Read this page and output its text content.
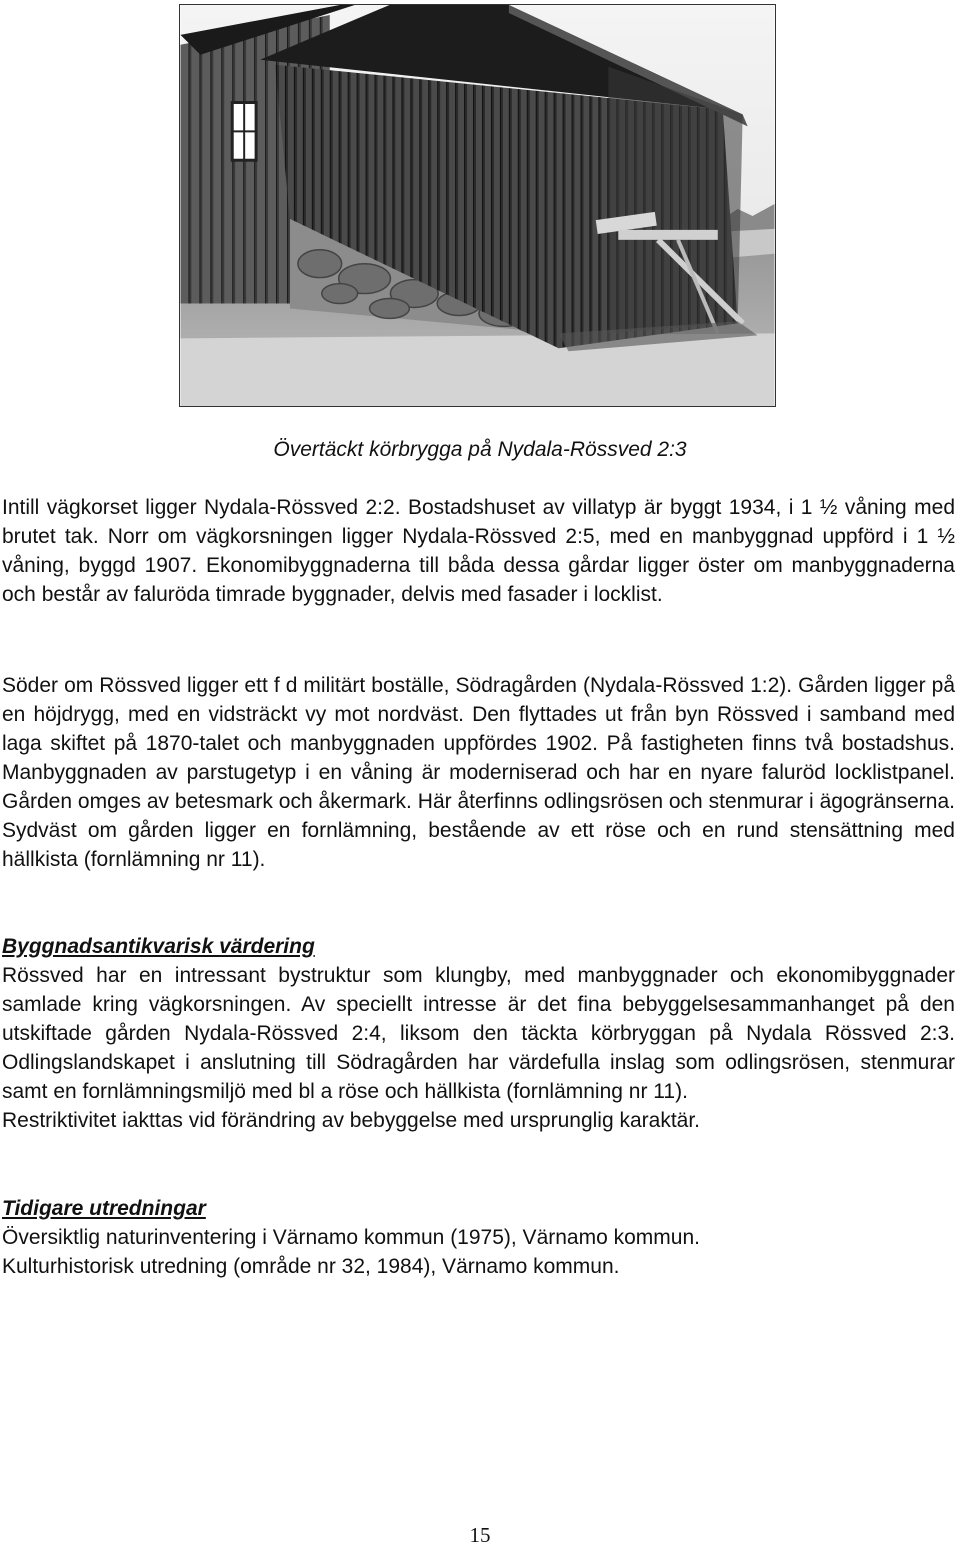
Övertäckt körbrygga på Nydala-Rössved 2:3

Intill vägkorset ligger Nydala-Rössved 2:2. Bostadshuset av villatyp är byggt 1934, i 1 ½ våning med brutet tak. Norr om vägkorsningen ligger Nydala-Rössved 2:5, med en manbyggnad uppförd i 1 ½ våning, byggd 1907. Ekonomibyggnaderna till båda dessa gårdar ligger öster om manbyggnaderna och består av faluröda timrade byggnader, delvis med fasader i locklist.

Söder om Rössved ligger ett f d militärt boställe, Södragården (Nydala-Rössved 1:2). Gården ligger på en höjdrygg, med en vidsträckt vy mot nordväst. Den flyttades ut från byn Rössved i samband med laga skiftet på 1870-talet och manbyggnaden uppfördes 1902. På fastigheten finns två bostadshus. Manbyggnaden av parstugetyp i en våning är moderniserad och har en nyare faluröd locklistpanel. Gården omges av betesmark och åkermark. Här återfinns odlingsrösen och stenmurar i ägogränserna. Sydväst om gården ligger en fornlämning, bestående av ett röse och en rund stensättning med hällkista (fornlämning nr 11).

Byggnadsantikvarisk värdering

Rössved har en intressant bystruktur som klungby, med manbyggnader och ekonomibyggnader samlade kring vägkorsningen. Av speciellt intresse är det fina bebyggelsesammanhanget på den utskiftade gården Nydala-Rössved 2:4, liksom den täckta körbryggan på Nydala Rössved 2:3. Odlingslandskapet i anslutning till Södragården har värdefulla inslag som odlingsrösen, stenmurar samt en fornlämningsmiljö med bl a röse och hällkista (fornlämning nr 11).

Restriktivitet iakttas vid förändring av bebyggelse med ursprunglig karaktär.

Tidigare utredningar

Översiktlig naturinventering i Värnamo kommun (1975), Värnamo kommun.

Kulturhistorisk utredning (område nr 32, 1984), Värnamo kommun.

15
